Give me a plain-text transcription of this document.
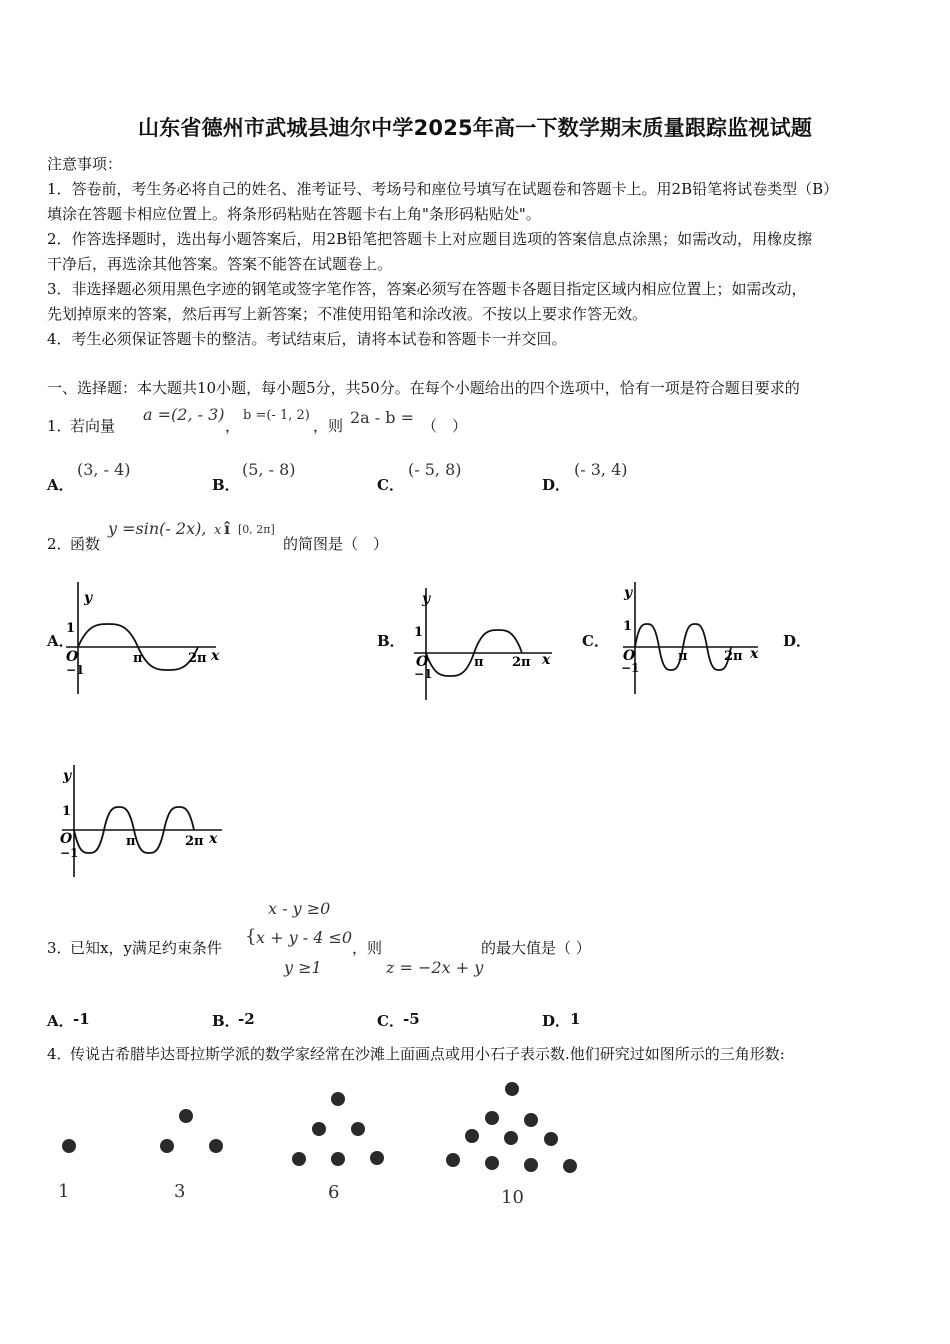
山东省德州市武城县迪尔中学2025年高一下数学期末质量跟踪监视试题
注意事项：
1．答卷前，考生务必将自己的姓名、准考证号、考场号和座位号填写在试题卷和答题卡上。用2B铅笔将试卷类型（B）
填涂在答题卡相应位置上。将条形码粘贴在答题卡右上角"条形码粘贴处"。
2．作答选择题时，选出每小题答案后，用2B铅笔把答题卡上对应题目选项的答案信息点涂黑；如需改动，用橡皮擦
干净后，再选涂其他答案。答案不能答在试题卷上。
3．非选择题必须用黑色字迹的钢笔或签字笔作答，答案必须写在答题卡各题目指定区域内相应位置上；如需改动，
先划掉原来的答案，然后再写上新答案；不准使用铅笔和涂改液。不按以上要求作答无效。
4．考生必须保证答题卡的整洁。考试结束后，请将本试卷和答题卡一并交回。
一、选择题：本大题共10小题，每小题5分，共50分。在每个小题给出的四个选项中，恰有一项是符合题目要求的
1．
若向量
a =(2, - 3)
，
b =(- 1, 2)
，则 2a - b = （　）
A．
(3, - 4)
B．
(5, - 8)
C．
(- 5, 8)
D．
(- 3, 4)
2．
函数
y =sin(- 2x), x î [0, 2π]
的简图是（　）
A．	B．	C．	D．
y
1
−1
O	π	2π x
y
1
−1
O	π 2π x
y
1
−1
O	π	2π x
y
1
−1
O	π	2π x
x - y ≥0
3．
已知x，y满足约束条件
{ x + y - 4 ≤0
，则	的最大值是（ ）
y ≥1	z = −2x + y
A． -1	B．
-2	C． -5	D． 1
4．
传说古希腊毕达哥拉斯学派的数学家经常在沙滩上面画点或用小石子表示数.他们研究过如图所示的三角形数:
1	3	6	10
